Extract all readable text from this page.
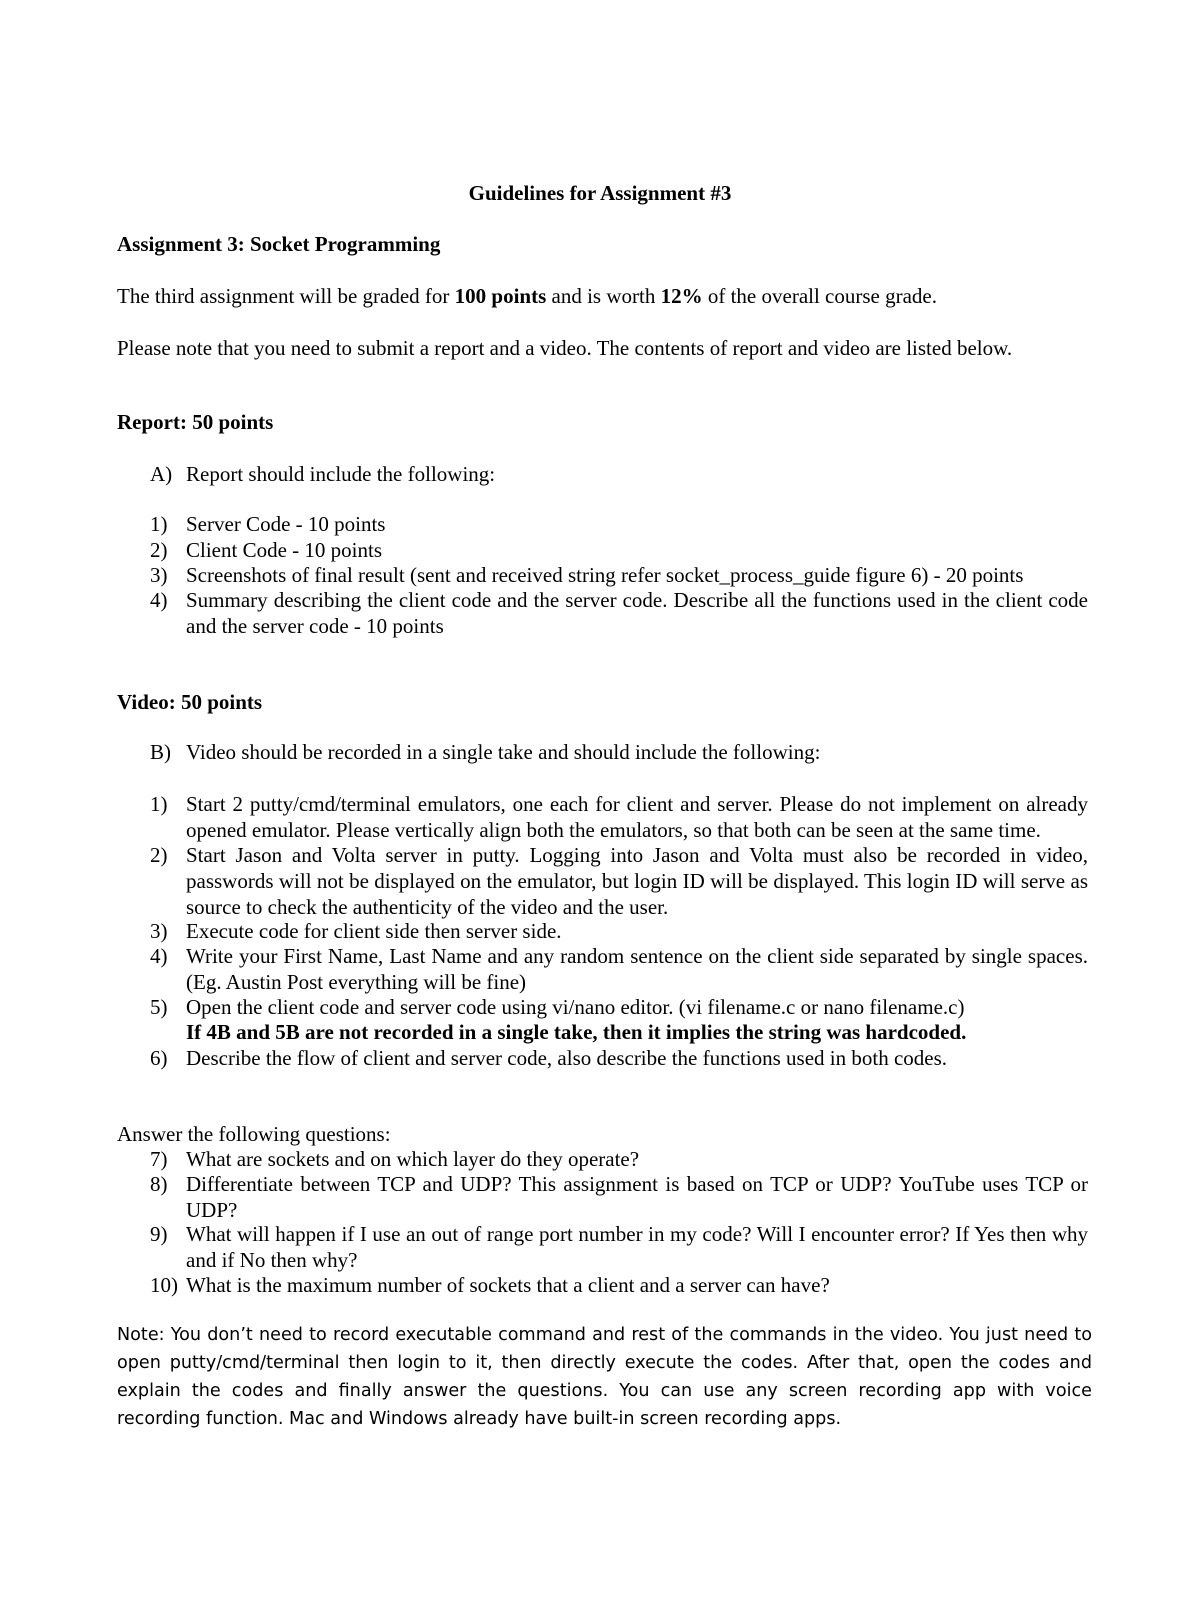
Guidelines for Assignment #3
Assignment 3: Socket Programming
The third assignment will be graded for 100 points and is worth 12% of the overall course grade.
Please note that you need to submit a report and a video. The contents of report and video are listed below.
Report: 50 points
A) Report should include the following:
1) Server Code - 10 points
2) Client Code - 10 points
3) Screenshots of final result (sent and received string refer socket_process_guide figure 6) - 20 points
4) Summary describing the client code and the server code. Describe all the functions used in the client code and the server code - 10 points
Video: 50 points
B) Video should be recorded in a single take and should include the following:
1) Start 2 putty/cmd/terminal emulators, one each for client and server. Please do not implement on already opened emulator. Please vertically align both the emulators, so that both can be seen at the same time.
2) Start Jason and Volta server in putty. Logging into Jason and Volta must also be recorded in video, passwords will not be displayed on the emulator, but login ID will be displayed. This login ID will serve as source to check the authenticity of the video and the user.
3) Execute code for client side then server side.
4) Write your First Name, Last Name and any random sentence on the client side separated by single spaces. (Eg. Austin Post everything will be fine)
5) Open the client code and server code using vi/nano editor. (vi filename.c or nano filename.c)
If 4B and 5B are not recorded in a single take, then it implies the string was hardcoded.
6) Describe the flow of client and server code, also describe the functions used in both codes.
Answer the following questions:
7) What are sockets and on which layer do they operate?
8) Differentiate between TCP and UDP? This assignment is based on TCP or UDP? YouTube uses TCP or UDP?
9) What will happen if I use an out of range port number in my code? Will I encounter error? If Yes then why and if No then why?
10) What is the maximum number of sockets that a client and a server can have?
Note: You don’t need to record executable command and rest of the commands in the video. You just need to open putty/cmd/terminal then login to it, then directly execute the codes. After that, open the codes and explain the codes and finally answer the questions. You can use any screen recording app with voice recording function. Mac and Windows already have built-in screen recording apps.
